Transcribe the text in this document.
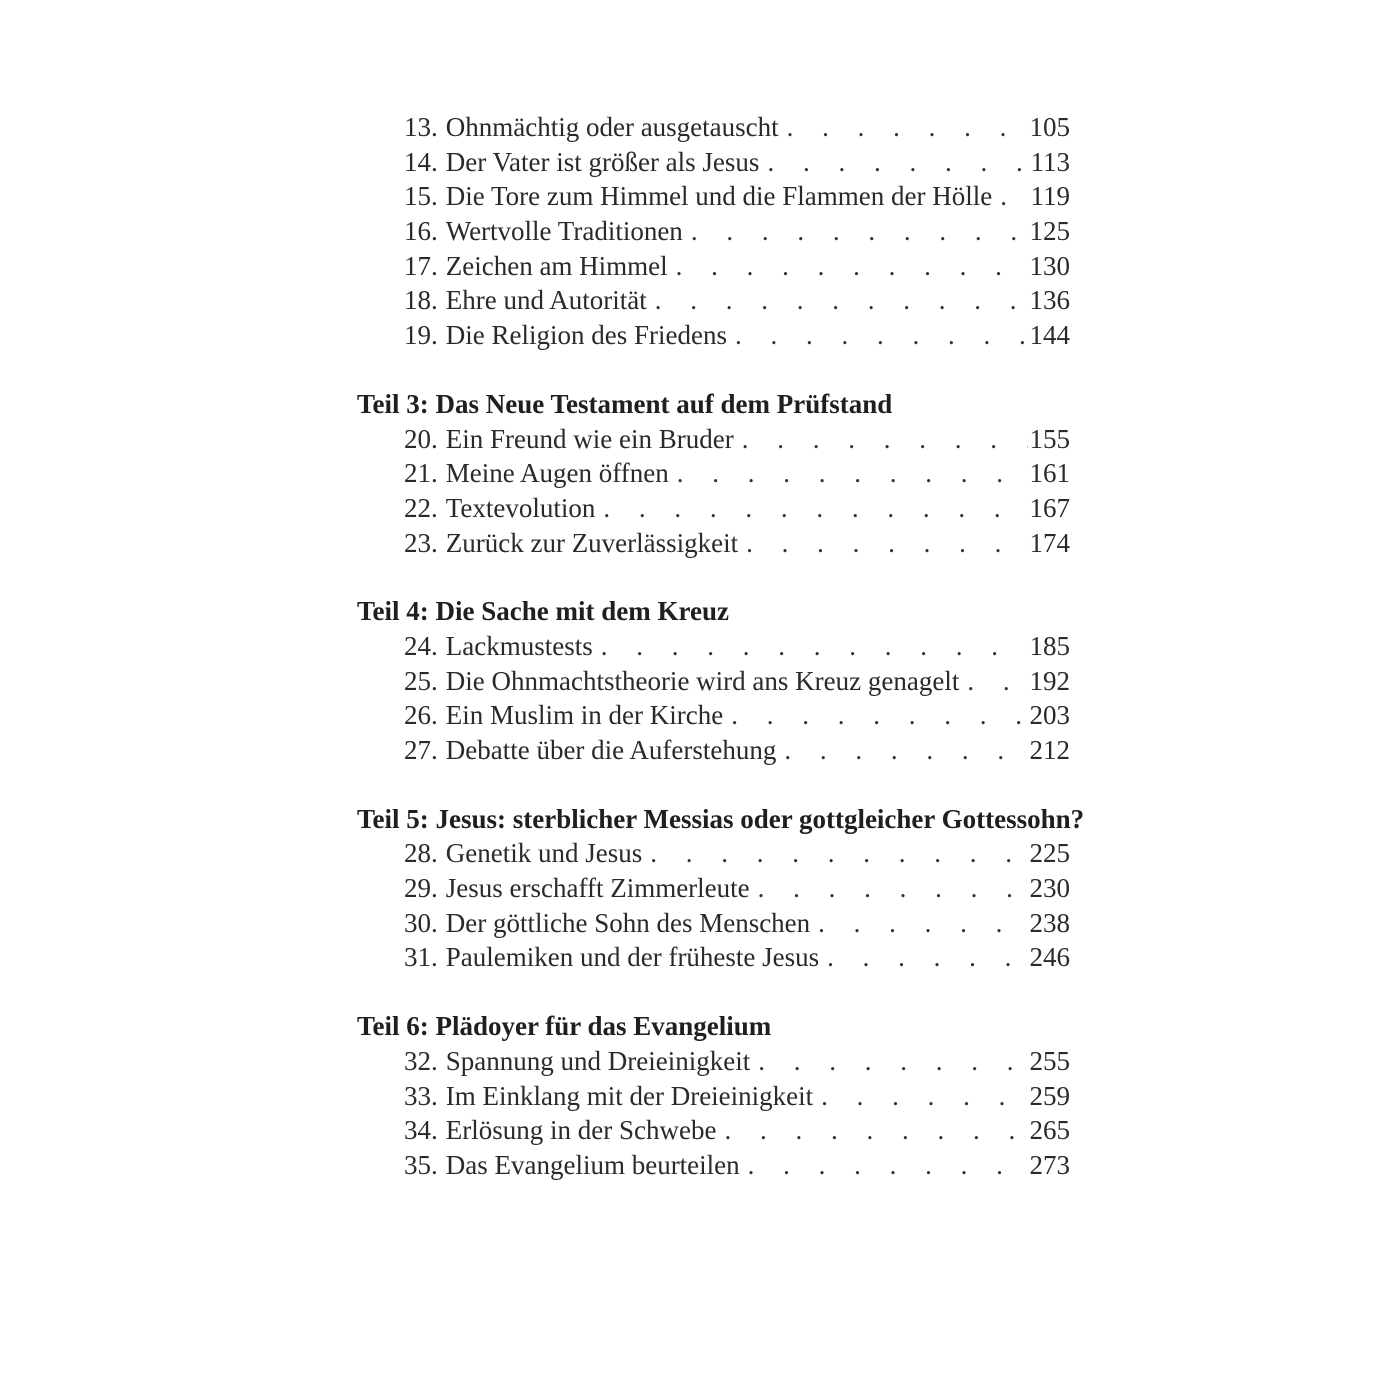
13. Ohnmächtig oder ausgetauscht . . .	105
14. Der Vater ist größer als Jesus . . .	113
15. Die Tore zum Himmel und die Flammen der Hölle . . . 119
16. Wertvolle Traditionen . . .	125
17. Zeichen am Himmel . . .	130
18. Ehre und Autorität . . .	136
19. Die Religion des Friedens . . .	144
Teil 3: Das Neue Testament auf dem Prüfstand
20. Ein Freund wie ein Bruder . . .	155
21. Meine Augen öffnen . . .	161
22. Textevolution . . .	167
23. Zurück zur Zuverlässigkeit . . .	174
Teil 4: Die Sache mit dem Kreuz
24. Lackmustests . . .	185
25. Die Ohnmachtstheorie wird ans Kreuz genagelt . . .	192
26. Ein Muslim in der Kirche . . .	203
27. Debatte über die Auferstehung . . .	212
Teil 5: Jesus: sterblicher Messias oder gottgleicher Gottessohn?
28. Genetik und Jesus . . .	225
29. Jesus erschafft Zimmerleute . . .	230
30. Der göttliche Sohn des Menschen . . .	238
31. Paulemiken und der früheste Jesus . . .	246
Teil 6: Plädoyer für das Evangelium
32. Spannung und Dreieinigkeit . . .	255
33. Im Einklang mit der Dreieinigkeit . . .	259
34. Erlösung in der Schwebe . . .	265
35. Das Evangelium beurteilen . . .	273
